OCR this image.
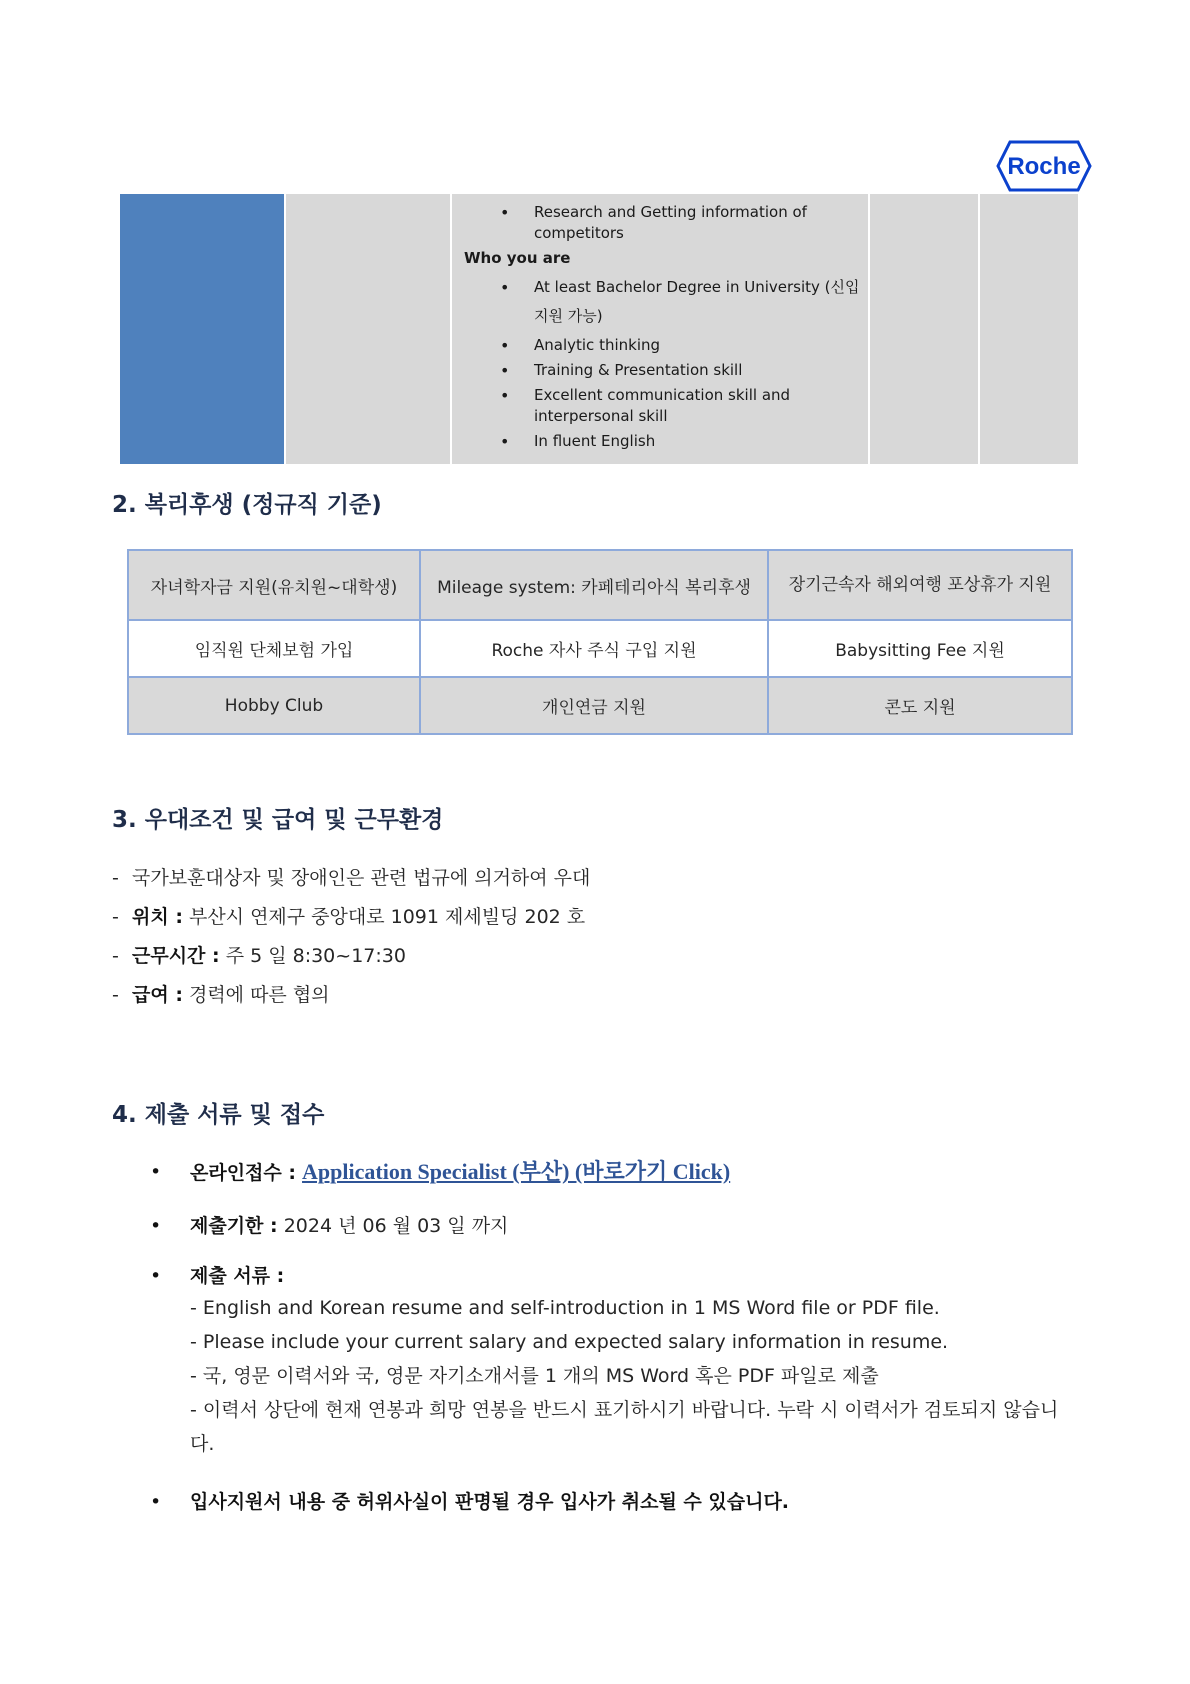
Roche
• Research and Getting information of competitors
Who you are
• At least Bachelor Degree in University (신입 지원 가능)
• Analytic thinking
• Training & Presentation skill
• Excellent communication skill and interpersonal skill
• In fluent English
2. 복리후생 (정규직 기준)
자녀학자금 지원(유치원~대학생)	Mileage system: 카페테리아식 복리후생	장기근속자 해외여행 포상휴가 지원
임직원 단체보험 가입	Roche 자사 주식 구입 지원	Babysitting Fee 지원
Hobby Club	개인연금 지원	콘도 지원
3. 우대조건 및 급여 및 근무환경
- 국가보훈대상자 및 장애인은 관련 법규에 의거하여 우대
- 위치 : 부산시 연제구 중앙대로 1091 제세빌딩 202 호
- 근무시간 : 주 5 일 8:30~17:30
- 급여 : 경력에 따른 협의
4. 제출 서류 및 접수
• 온라인접수 : Application Specialist (부산) (바로가기 Click)
• 제출기한 : 2024 년 06 월 03 일 까지
• 제출 서류 :
- English and Korean resume and self-introduction in 1 MS Word file or PDF file.
- Please include your current salary and expected salary information in resume.
- 국, 영문 이력서와 국, 영문 자기소개서를 1 개의 MS Word 혹은 PDF 파일로 제출
- 이력서 상단에 현재 연봉과 희망 연봉을 반드시 표기하시기 바랍니다. 누락 시 이력서가 검토되지 않습니다.
• 입사지원서 내용 중 허위사실이 판명될 경우 입사가 취소될 수 있습니다.
